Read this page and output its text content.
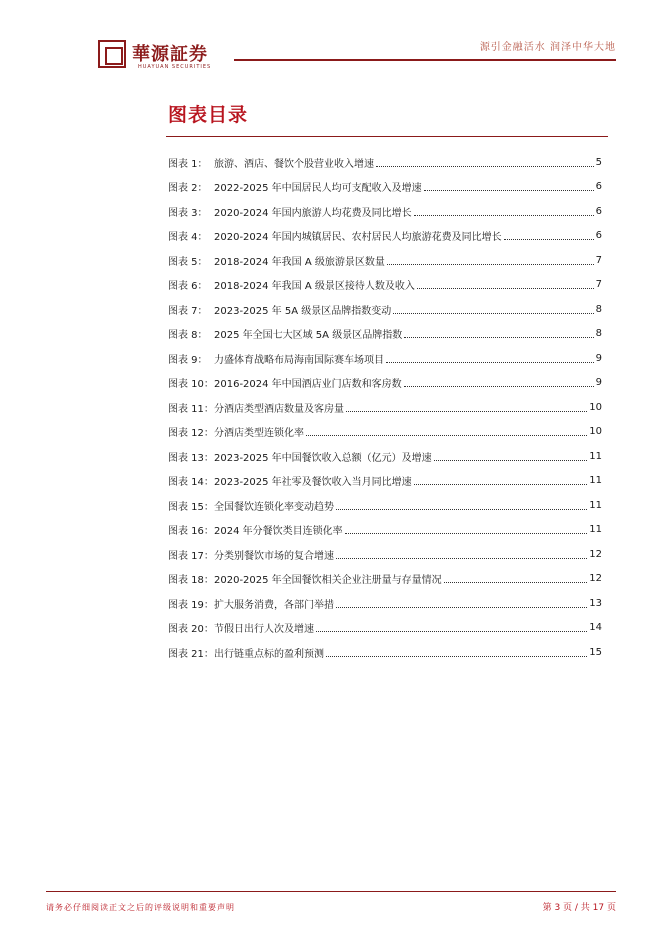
華源証券
HUAYUAN SECURITIES
源引金融活水 润泽中华大地
图表目录
图表 1： 旅游、酒店、餐饮个股营业收入增速	5
图表 2： 2022-2025 年中国居民人均可支配收入及增速	6
图表 3： 2020-2024 年国内旅游人均花费及同比增长	6
图表 4： 2020-2024 年国内城镇居民、农村居民人均旅游花费及同比增长	6
图表 5： 2018-2024 年我国 A 级旅游景区数量	7
图表 6： 2018-2024 年我国 A 级景区接待人数及收入	7
图表 7： 2023-2025 年 5A 级景区品牌指数变动	8
图表 8： 2025 年全国七大区域 5A 级景区品牌指数	8
图表 9： 力盛体育战略布局海南国际赛车场项目	9
图表 10： 2016-2024 年中国酒店业门店数和客房数	9
图表 11： 分酒店类型酒店数量及客房量	10
图表 12： 分酒店类型连锁化率	10
图表 13： 2023-2025 年中国餐饮收入总额（亿元）及增速	11
图表 14： 2023-2025 年社零及餐饮收入当月同比增速	11
图表 15： 全国餐饮连锁化率变动趋势	11
图表 16： 2024 年分餐饮类目连锁化率	11
图表 17： 分类别餐饮市场的复合增速	12
图表 18： 2020-2025 年全国餐饮相关企业注册量与存量情况	12
图表 19： 扩大服务消费，各部门举措	13
图表 20： 节假日出行人次及增速	14
图表 21： 出行链重点标的盈利预测	15
请务必仔细阅读正文之后的评级说明和重要声明	第 3 页 / 共 17 页
